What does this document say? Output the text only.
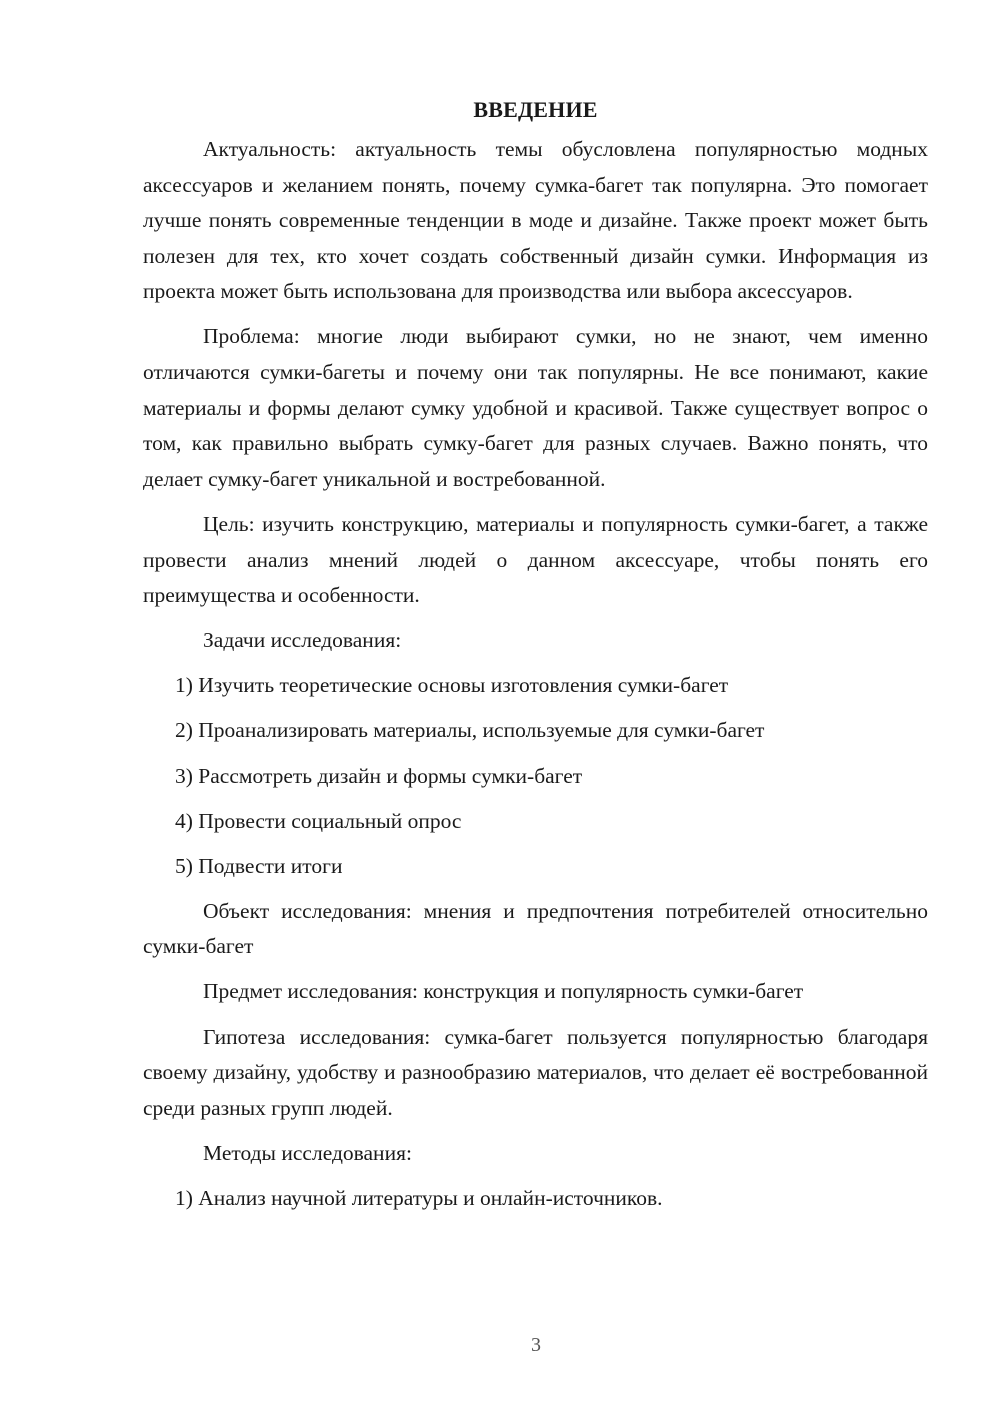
ВВЕДЕНИЕ

Актуальность: актуальность темы обусловлена популярностью модных аксессуаров и желанием понять, почему сумка-багет так популярна. Это помогает лучше понять современные тенденции в моде и дизайне. Также проект может быть полезен для тех, кто хочет создать собственный дизайн сумки. Информация из проекта может быть использована для производства или выбора аксессуаров.

Проблема: многие люди выбирают сумки, но не знают, чем именно отличаются сумки-багеты и почему они так популярны. Не все понимают, какие материалы и формы делают сумку удобной и красивой. Также существует вопрос о том, как правильно выбрать сумку-багет для разных случаев. Важно понять, что делает сумку-багет уникальной и востребованной.

Цель: изучить конструкцию, материалы и популярность сумки-багет, а также провести анализ мнений людей о данном аксессуаре, чтобы понять его преимущества и особенности.

Задачи исследования:

1) Изучить теоретические основы изготовления сумки-багет

2) Проанализировать материалы, используемые для сумки-багет

3) Рассмотреть дизайн и формы сумки-багет

4) Провести социальный опрос

5) Подвести итоги

Объект исследования: мнения и предпочтения потребителей относительно сумки-багет

Предмет исследования: конструкция и популярность сумки-багет

Гипотеза исследования: сумка-багет пользуется популярностью благодаря своему дизайну, удобству и разнообразию материалов, что делает её востребованной среди разных групп людей.

Методы исследования:

1) Анализ научной литературы и онлайн-источников.

3
